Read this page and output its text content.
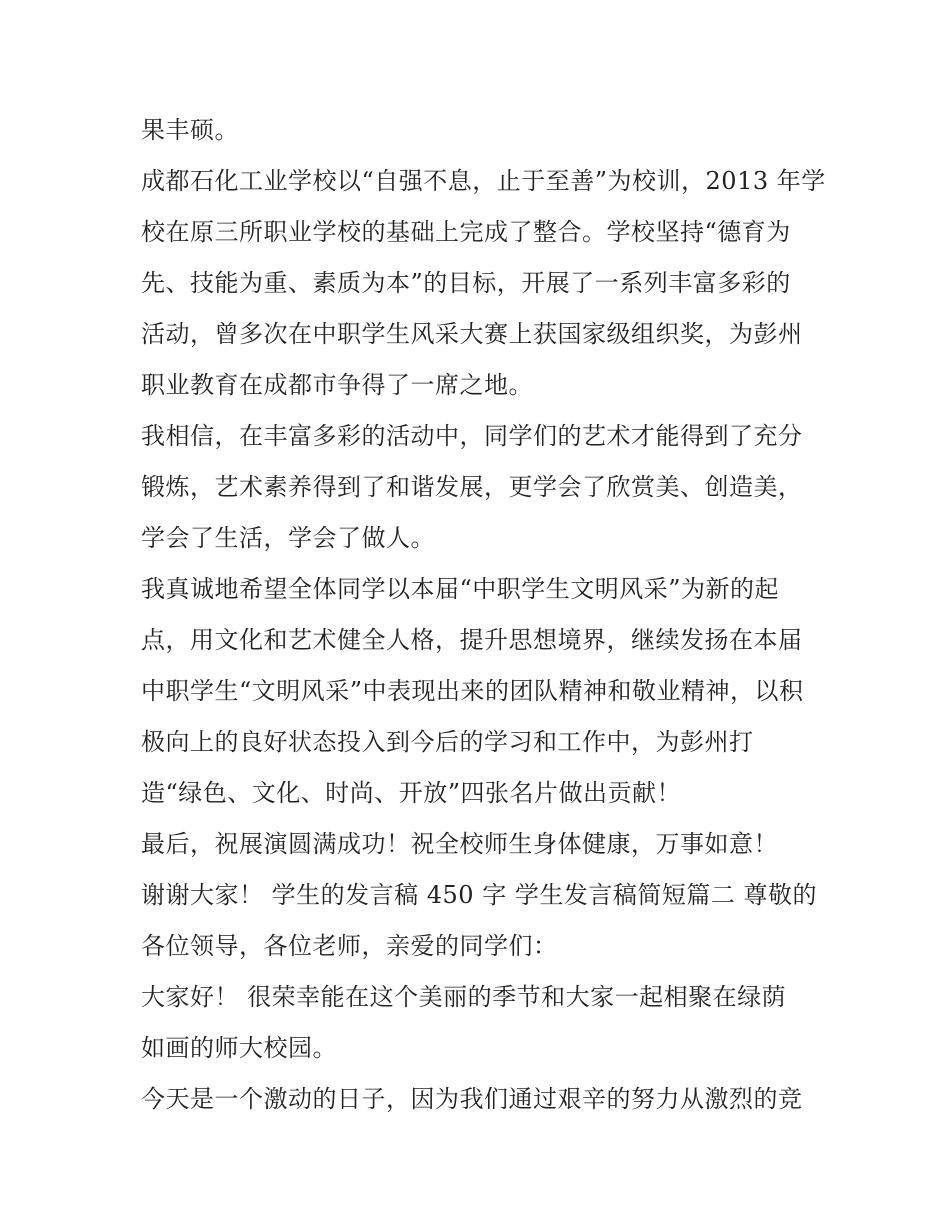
果丰硕。
成都石化工业学校以“自强不息，止于至善”为校训，2013 年学
校在原三所职业学校的基础上完成了整合。学校坚持“德育为
先、技能为重、素质为本”的目标，开展了一系列丰富多彩的
活动，曾多次在中职学生风采大赛上获国家级组织奖，为彭州
职业教育在成都市争得了一席之地。
我相信，在丰富多彩的活动中，同学们的艺术才能得到了充分
锻炼，艺术素养得到了和谐发展，更学会了欣赏美、创造美，
学会了生活，学会了做人。
我真诚地希望全体同学以本届“中职学生文明风采”为新的起
点，用文化和艺术健全人格，提升思想境界，继续发扬在本届
中职学生“文明风采”中表现出来的团队精神和敬业精神，以积
极向上的良好状态投入到今后的学习和工作中，为彭州打
造“绿色、文化、时尚、开放”四张名片做出贡献！
最后，祝展演圆满成功！祝全校师生身体健康，万事如意！
谢谢大家！ 学生的发言稿 450 字 学生发言稿简短篇二 尊敬的
各位领导，各位老师，亲爱的同学们：
大家好！ 很荣幸能在这个美丽的季节和大家一起相聚在绿荫
如画的师大校园。
今天是一个激动的日子，因为我们通过艰辛的努力从激烈的竞
